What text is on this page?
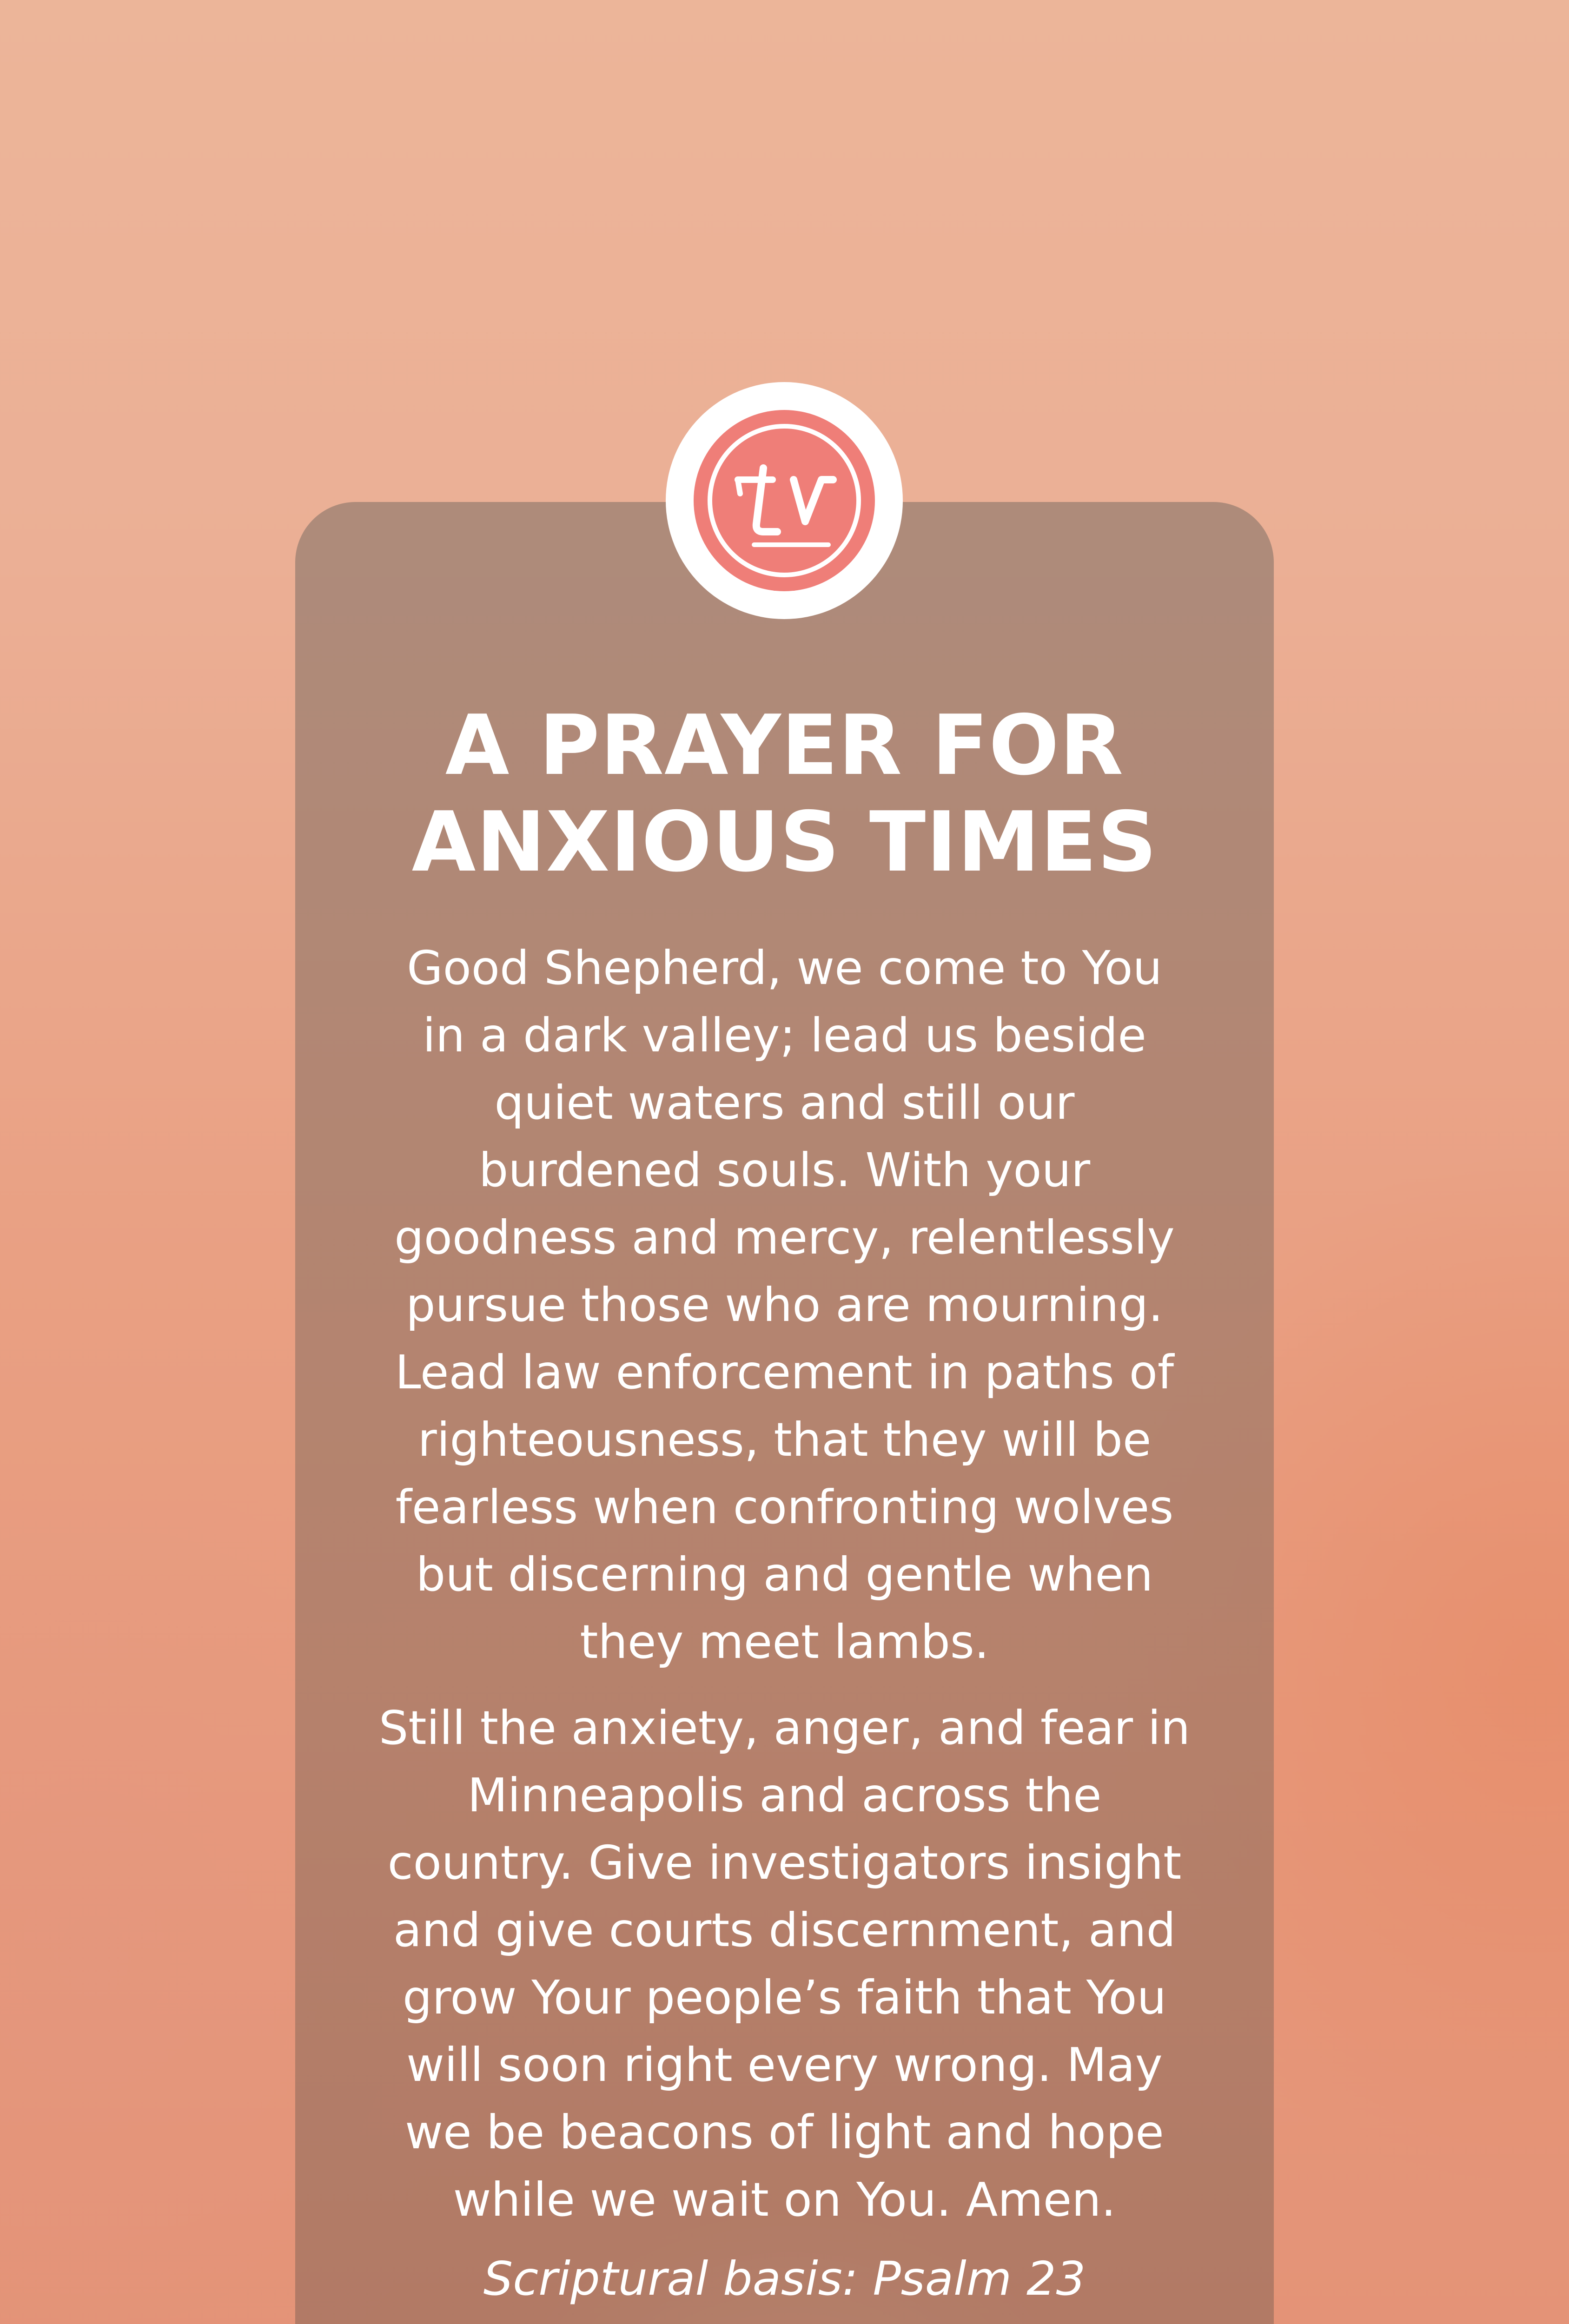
A PRAYER FOR
ANXIOUS TIMES

Good Shepherd, we come to You
in a dark valley; lead us beside
quiet waters and still our
burdened souls. With your
goodness and mercy, relentlessly
pursue those who are mourning.
Lead law enforcement in paths of
righteousness, that they will be
fearless when confronting wolves
but discerning and gentle when
they meet lambs.

Still the anxiety, anger, and fear in
Minneapolis and across the
country. Give investigators insight
and give courts discernment, and
grow Your people’s faith that You
will soon right every wrong. May
we be beacons of light and hope
while we wait on You. Amen.

Scriptural basis: Psalm 23
